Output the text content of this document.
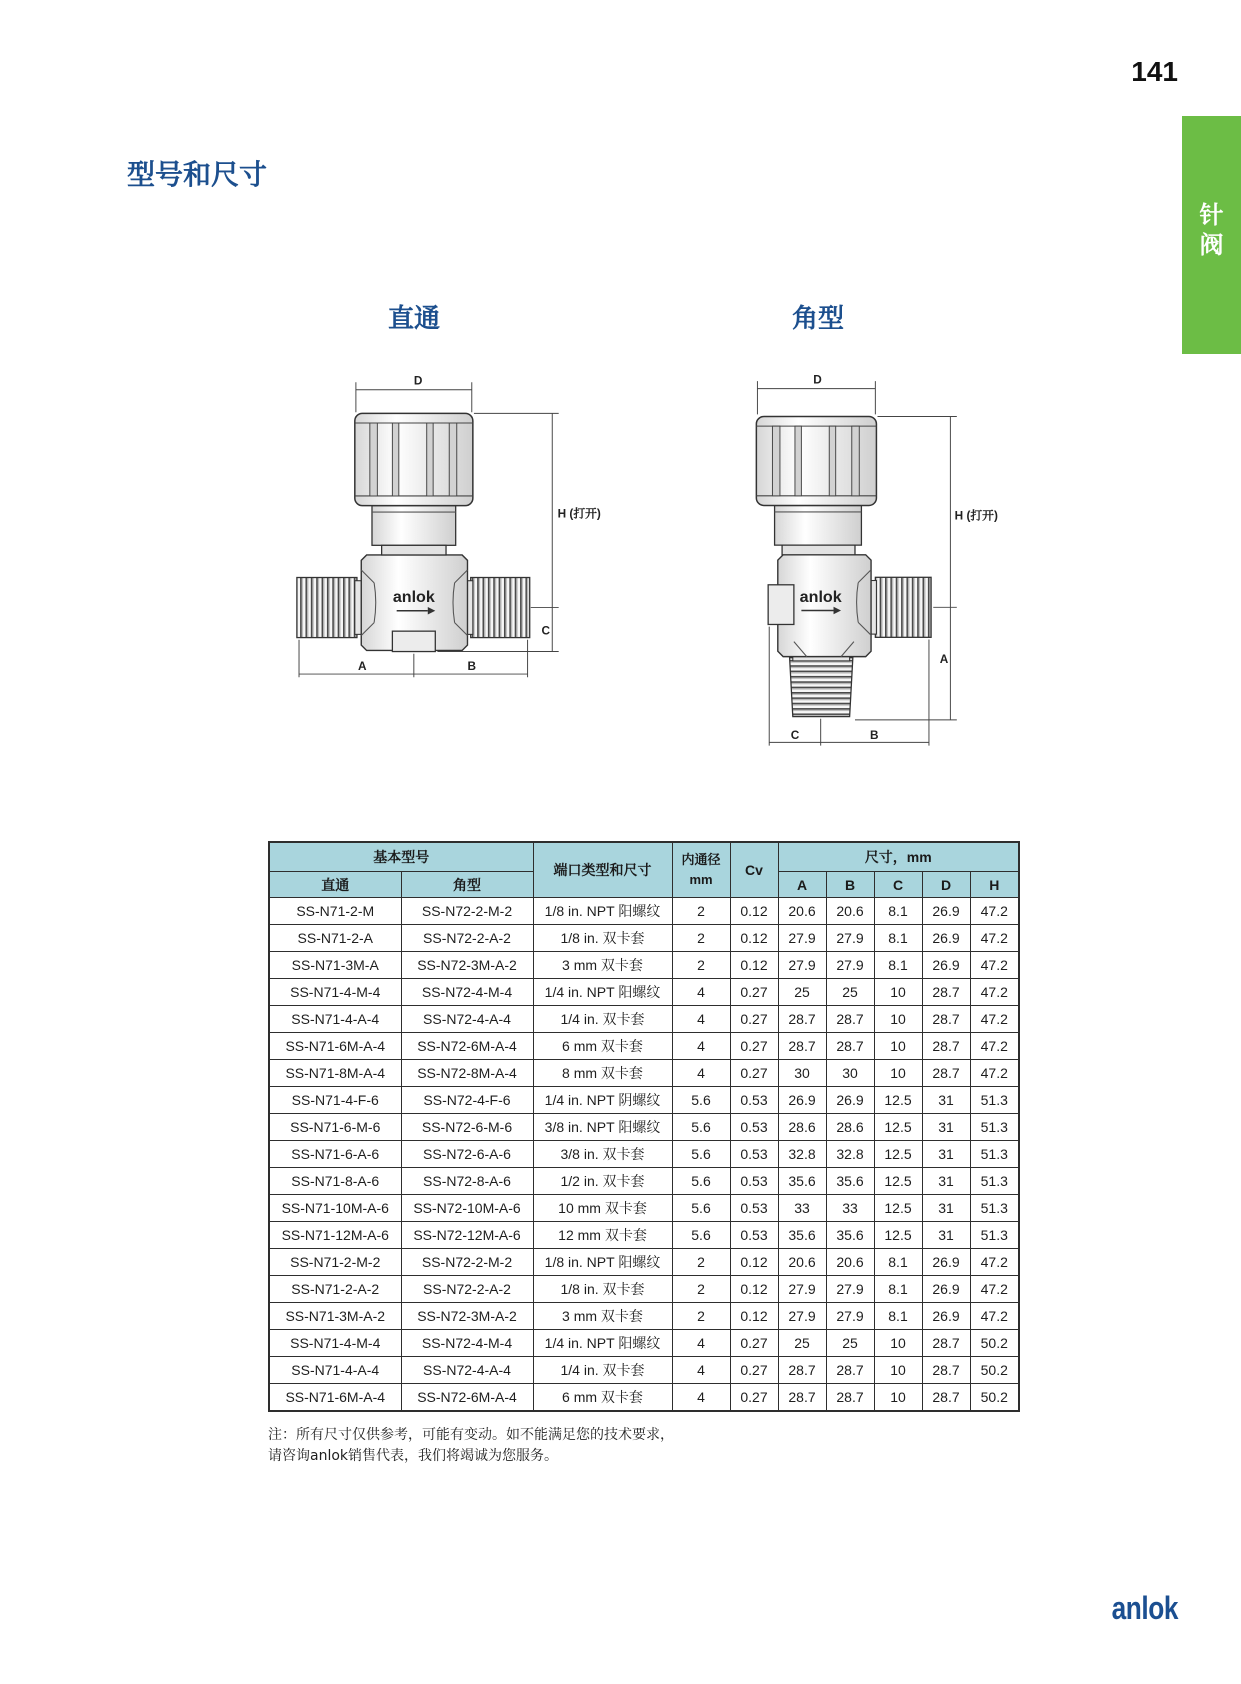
141
针
阀
型号和尺寸
直通	角型
anlok
D
H (打开)
C
A	B
anlok
D
H (打开)
A
C	B
基本型号		端口类型和尺寸	内通径
mm	Cv	尺寸，mm				
直通	角型				A	B	C	D	H
SS-N71-2-M	SS-N72-2-M-2	1/8 in. NPT 阳螺纹	2	0.12	20.6	20.6	8.1	26.9	47.2
SS-N71-2-A	SS-N72-2-A-2	1/8 in. 双卡套	2	0.12	27.9	27.9	8.1	26.9	47.2
SS-N71-3M-A	SS-N72-3M-A-2	3 mm 双卡套	2	0.12	27.9	27.9	8.1	26.9	47.2
SS-N71-4-M-4	SS-N72-4-M-4	1/4 in. NPT 阳螺纹	4	0.27	25	25	10	28.7	47.2
SS-N71-4-A-4	SS-N72-4-A-4	1/4 in. 双卡套	4	0.27	28.7	28.7	10	28.7	47.2
SS-N71-6M-A-4	SS-N72-6M-A-4	6 mm 双卡套	4	0.27	28.7	28.7	10	28.7	47.2
SS-N71-8M-A-4	SS-N72-8M-A-4	8 mm 双卡套	4	0.27	30	30	10	28.7	47.2
SS-N71-4-F-6	SS-N72-4-F-6	1/4 in. NPT 阴螺纹	5.6	0.53	26.9	26.9	12.5	31	51.3
SS-N71-6-M-6	SS-N72-6-M-6	3/8 in. NPT 阳螺纹	5.6	0.53	28.6	28.6	12.5	31	51.3
SS-N71-6-A-6	SS-N72-6-A-6	3/8 in. 双卡套	5.6	0.53	32.8	32.8	12.5	31	51.3
SS-N71-8-A-6	SS-N72-8-A-6	1/2 in. 双卡套	5.6	0.53	35.6	35.6	12.5	31	51.3
SS-N71-10M-A-6	SS-N72-10M-A-6	10 mm 双卡套	5.6	0.53	33	33	12.5	31	51.3
SS-N71-12M-A-6	SS-N72-12M-A-6	12 mm 双卡套	5.6	0.53	35.6	35.6	12.5	31	51.3
SS-N71-2-M-2	SS-N72-2-M-2	1/8 in. NPT 阳螺纹	2	0.12	20.6	20.6	8.1	26.9	47.2
SS-N71-2-A-2	SS-N72-2-A-2	1/8 in. 双卡套	2	0.12	27.9	27.9	8.1	26.9	47.2
SS-N71-3M-A-2	SS-N72-3M-A-2	3 mm 双卡套	2	0.12	27.9	27.9	8.1	26.9	47.2
SS-N71-4-M-4	SS-N72-4-M-4	1/4 in. NPT 阳螺纹	4	0.27	25	25	10	28.7	50.2
SS-N71-4-A-4	SS-N72-4-A-4	1/4 in. 双卡套	4	0.27	28.7	28.7	10	28.7	50.2
SS-N71-6M-A-4	SS-N72-6M-A-4	6 mm 双卡套	4	0.27	28.7	28.7	10	28.7	50.2
注：所有尺寸仅供参考，可能有变动。如不能满足您的技术要求，
请咨询anlok销售代表，我们将竭诚为您服务。
anlok
